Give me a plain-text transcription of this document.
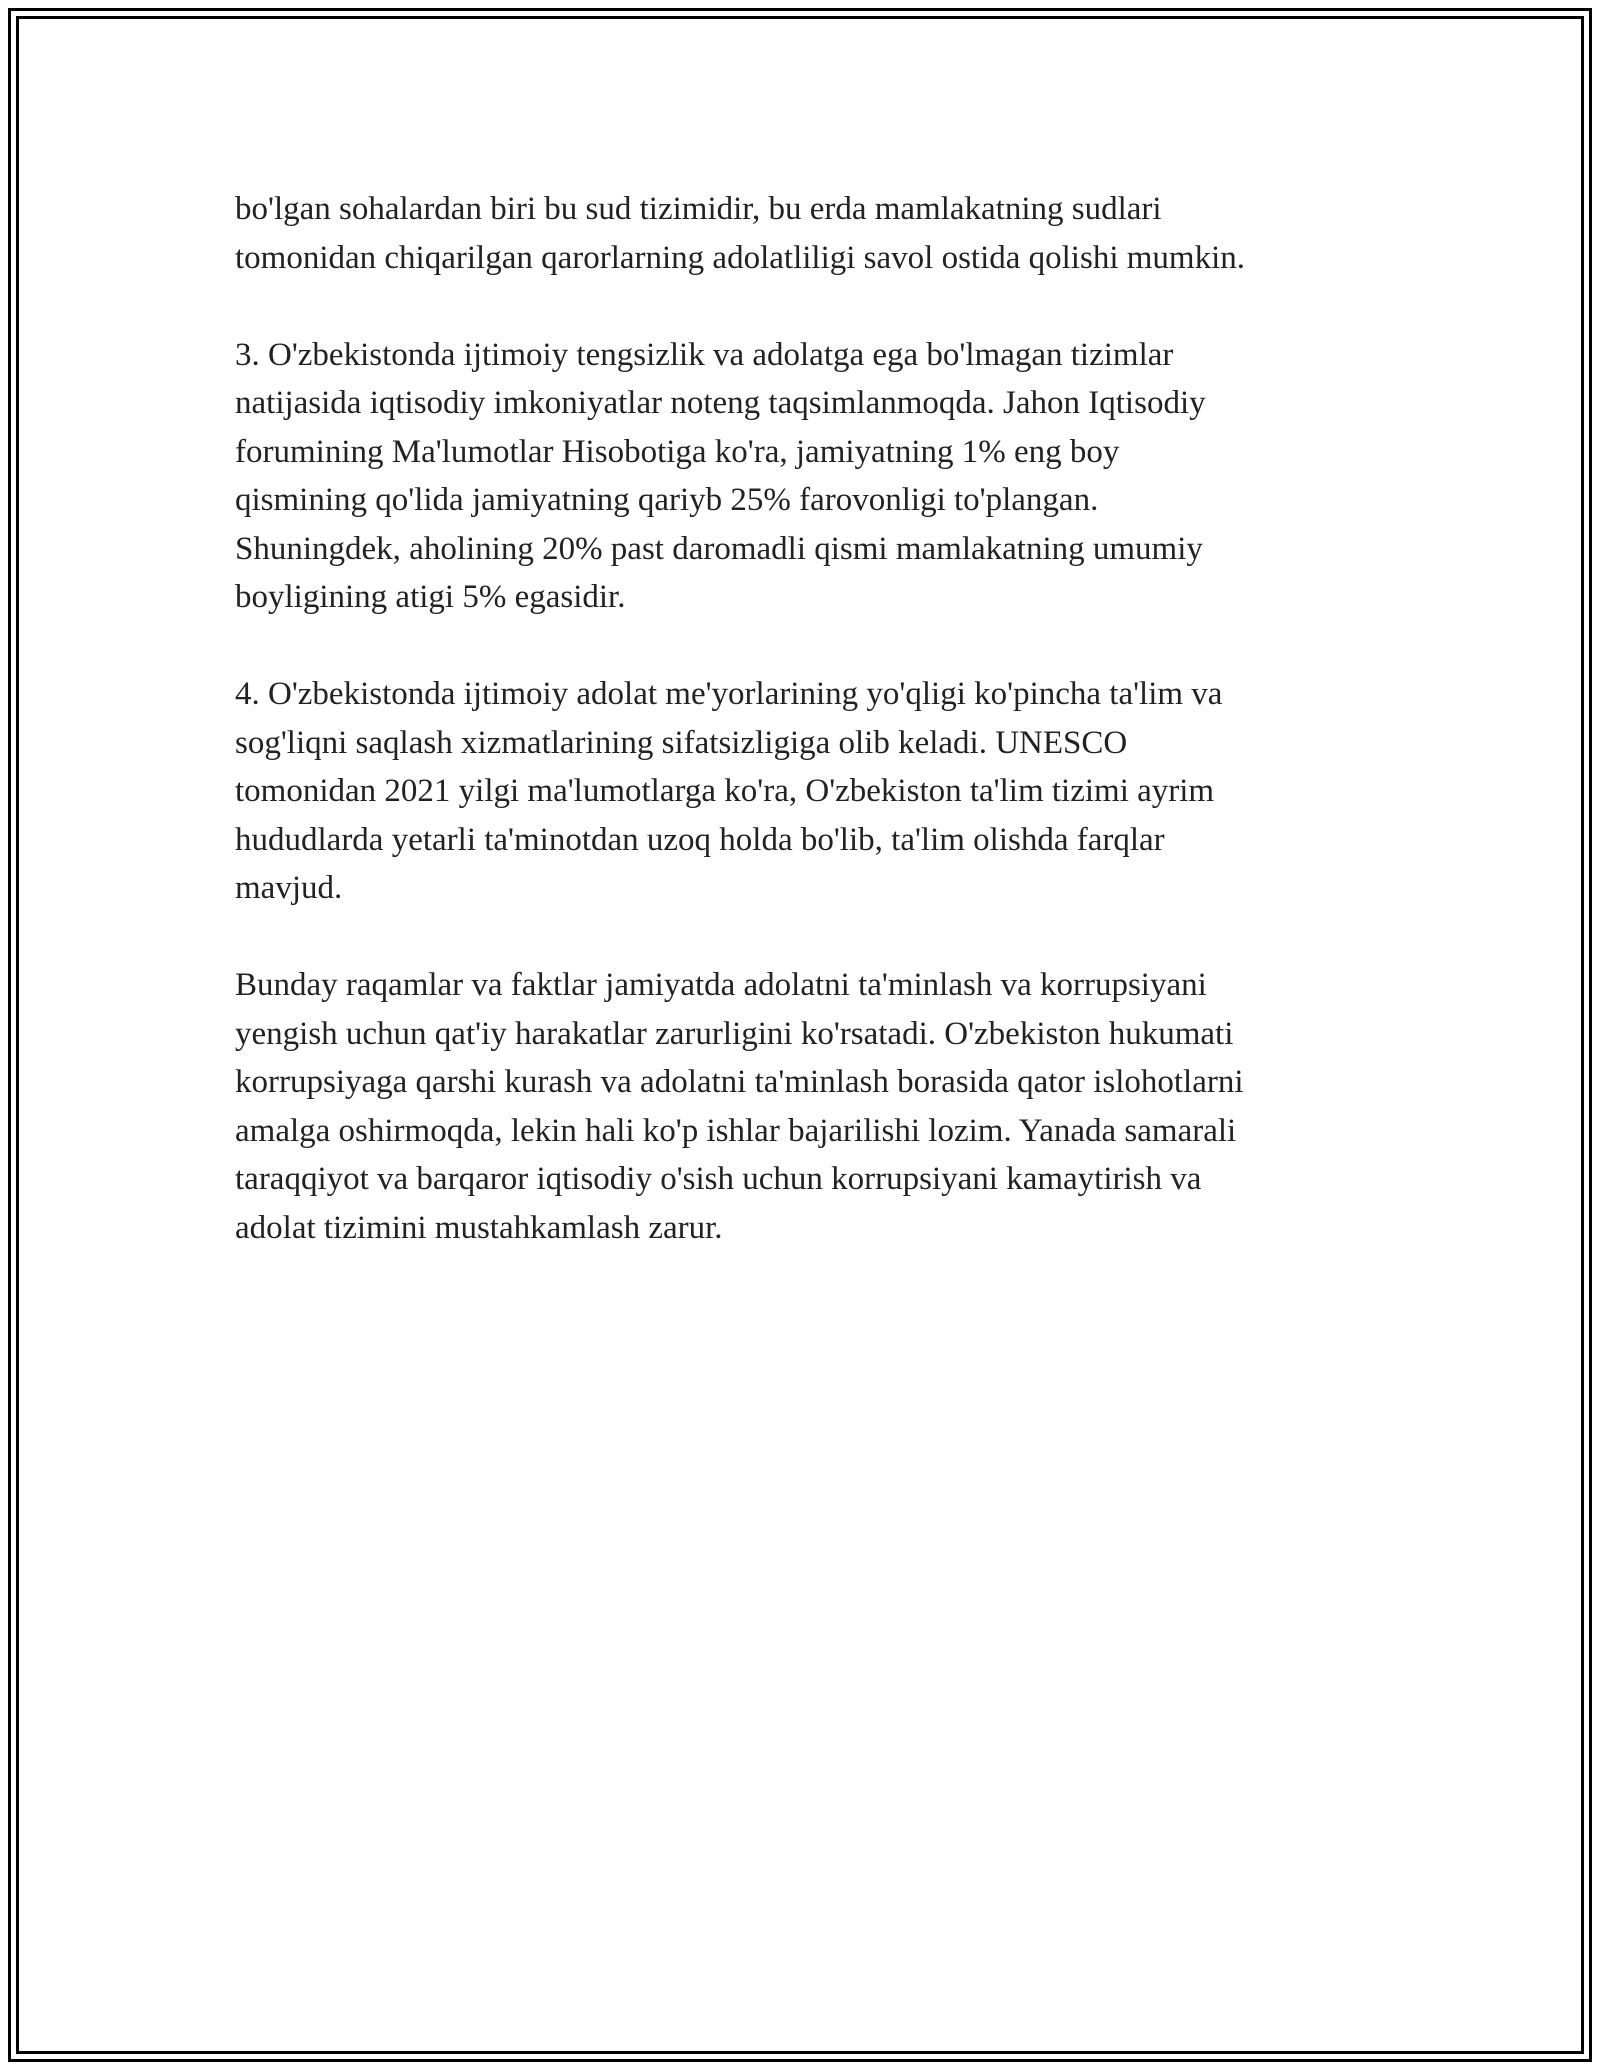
bo'lgan sohalardan biri bu sud tizimidir, bu erda mamlakatning sudlari
tomonidan chiqarilgan qarorlarning adolatliligi savol ostida qolishi mumkin.

3. O'zbekistonda ijtimoiy tengsizlik va adolatga ega bo'lmagan tizimlar
natijasida iqtisodiy imkoniyatlar noteng taqsimlanmoqda. Jahon Iqtisodiy
forumining Ma'lumotlar Hisobotiga ko'ra, jamiyatning 1% eng boy
qismining qo'lida jamiyatning qariyb 25% farovonligi to'plangan.
Shuningdek, aholining 20% past daromadli qismi mamlakatning umumiy
boyligining atigi 5% egasidir.

4. O'zbekistonda ijtimoiy adolat me'yorlarining yo'qligi ko'pincha ta'lim va
sog'liqni saqlash xizmatlarining sifatsizligiga olib keladi. UNESCO
tomonidan 2021 yilgi ma'lumotlarga ko'ra, O'zbekiston ta'lim tizimi ayrim
hududlarda yetarli ta'minotdan uzoq holda bo'lib, ta'lim olishda farqlar
mavjud.

Bunday raqamlar va faktlar jamiyatda adolatni ta'minlash va korrupsiyani
yengish uchun qat'iy harakatlar zarurligini ko'rsatadi. O'zbekiston hukumati
korrupsiyaga qarshi kurash va adolatni ta'minlash borasida qator islohotlarni
amalga oshirmoqda, lekin hali ko'p ishlar bajarilishi lozim. Yanada samarali
taraqqiyot va barqaror iqtisodiy o'sish uchun korrupsiyani kamaytirish va
adolat tizimini mustahkamlash zarur.
